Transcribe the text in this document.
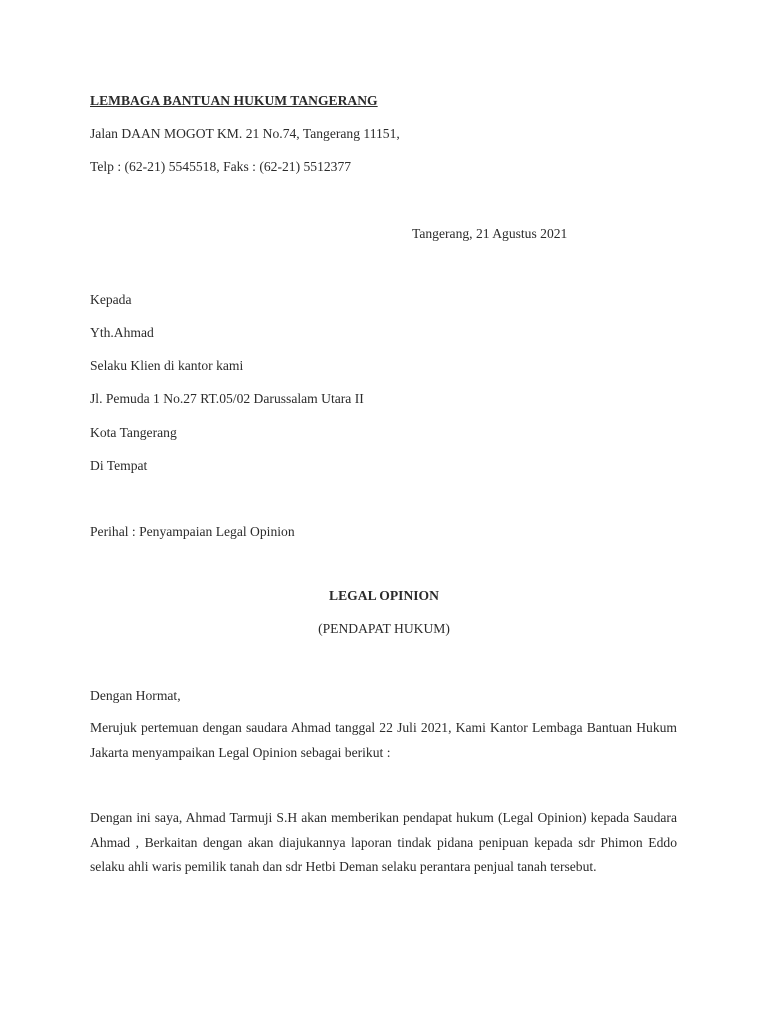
LEMBAGA BANTUAN HUKUM TANGERANG
Jalan DAAN MOGOT KM. 21 No.74, Tangerang 11151,
Telp : (62-21) 5545518, Faks : (62-21) 5512377
Tangerang, 21 Agustus 2021
Kepada
Yth.Ahmad
Selaku Klien di kantor kami
Jl. Pemuda 1 No.27 RT.05/02 Darussalam Utara II
Kota Tangerang
Di Tempat
Perihal : Penyampaian Legal Opinion
LEGAL OPINION
(PENDAPAT HUKUM)
Dengan Hormat,
Merujuk pertemuan dengan saudara Ahmad tanggal 22 Juli 2021, Kami Kantor Lembaga Bantuan Hukum Jakarta menyampaikan Legal Opinion sebagai berikut :
Dengan ini saya, Ahmad Tarmuji S.H akan memberikan pendapat hukum (Legal Opinion) kepada Saudara Ahmad , Berkaitan dengan akan diajukannya laporan tindak pidana penipuan kepada sdr Phimon Eddo selaku ahli waris pemilik tanah dan sdr Hetbi Deman selaku perantara penjual tanah tersebut.
